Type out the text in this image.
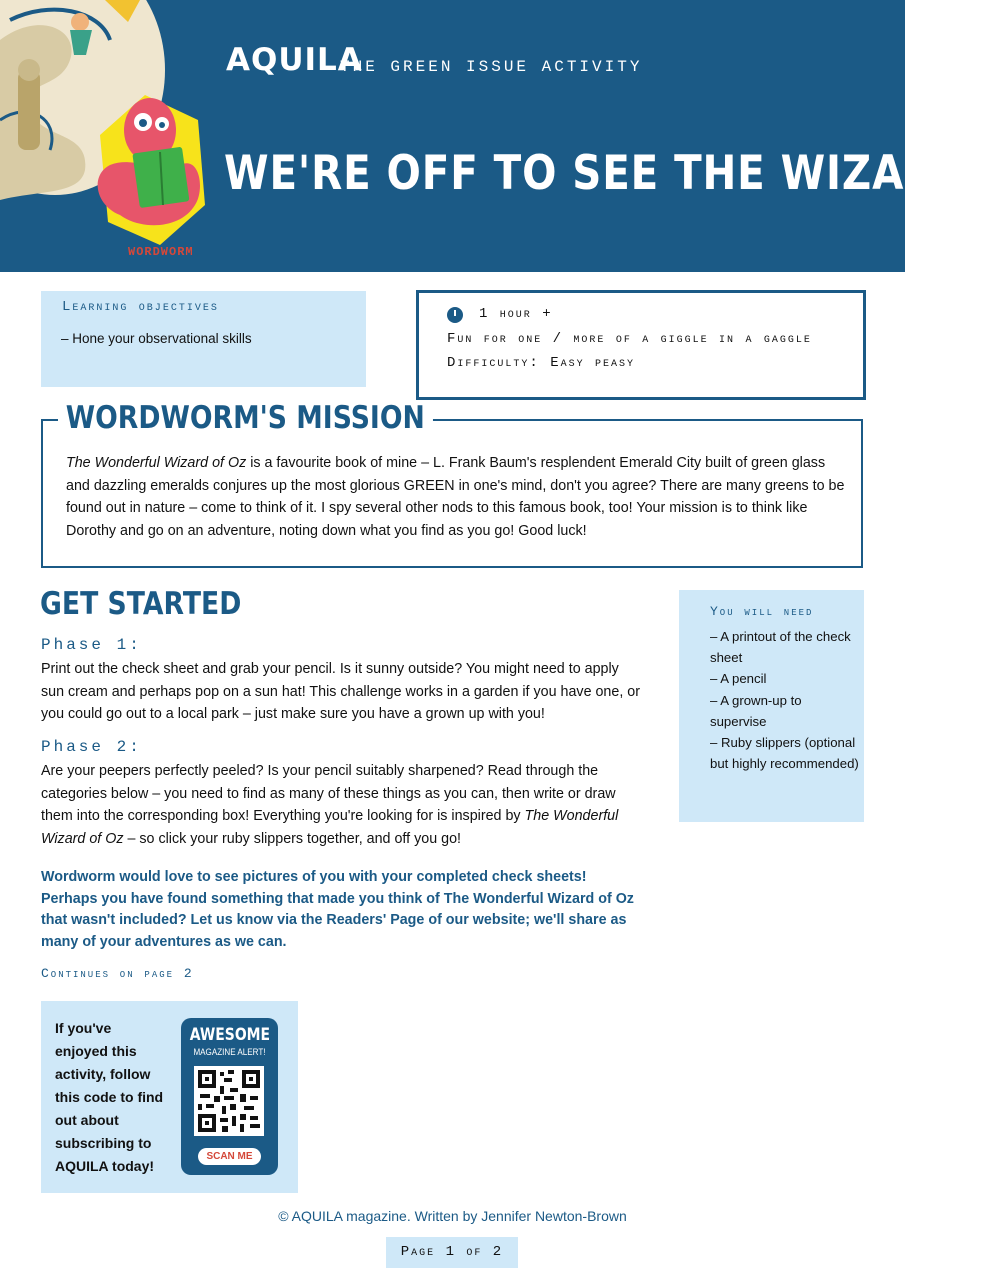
AQUILA
THE GREEN ISSUE ACTIVITY
WE'RE OFF TO SEE THE WIZARD!
WORDWORM
Learning objectives
– Hone your observational skills
1 hour +
Fun for one / more of a giggle in a gaggle
Difficulty: Easy peasy
WORDWORM'S MISSION
The Wonderful Wizard of Oz is a favourite book of mine – L. Frank Baum's resplendent Emerald City built of green glass and dazzling emeralds conjures up the most glorious GREEN in one's mind, don't you agree? There are many greens to be found out in nature – come to think of it. I spy several other nods to this famous book, too! Your mission is to think like Dorothy and go on an adventure, noting down what you find as you go! Good luck!
GET STARTED
Phase 1:
Print out the check sheet and grab your pencil. Is it sunny outside? You might need to apply sun cream and perhaps pop on a sun hat! This challenge works in a garden if you have one, or you could go out to a local park – just make sure you have a grown up with you!
Phase 2:
Are your peepers perfectly peeled? Is your pencil suitably sharpened? Read through the categories below – you need to find as many of these things as you can, then write or draw them into the corresponding box! Everything you're looking for is inspired by The Wonderful Wizard of Oz – so click your ruby slippers together, and off you go!
Wordworm would love to see pictures of you with your completed check sheets! Perhaps you have found something that made you think of The Wonderful Wizard of Oz that wasn't included? Let us know via the Readers' Page of our website; we'll share as many of your adventures as we can.
Continues on page 2
You will need
– A printout of the check sheet
– A pencil
– A grown-up to supervise
– Ruby slippers (optional but highly recommended)
If you've enjoyed this activity, follow this code to find out about subscribing to AQUILA today!
AWESOME
MAGAZINE ALERT!
SCAN ME
© AQUILA magazine. Written by Jennifer Newton-Brown
Page 1 of 2
